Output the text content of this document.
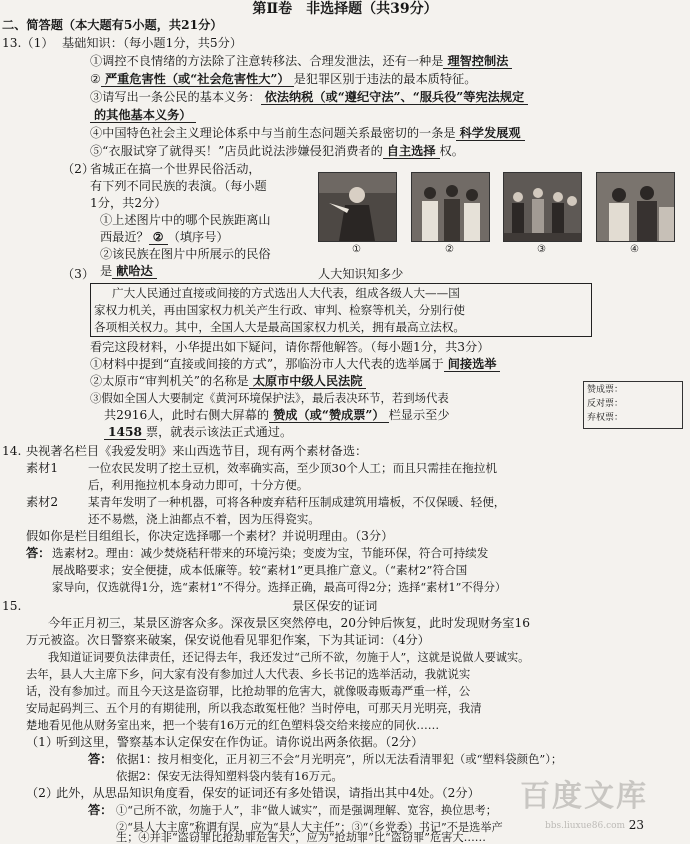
第Ⅱ卷　非选择题（共39分）
二、简答题（本大题有5小题，共21分）
13.（1） 基础知识：（每小题1分，共5分）
①调控不良情绪的方法除了注意转移法、合理发泄法，还有一种是 理智控制法
② 严重危害性（或“社会危害性大”） 是犯罪区别于违法的最本质特征。
③请写出一条公民的基本义务： 依法纳税（或“遵纪守法”、“服兵役”等宪法规定
的其他基本义务）
④中国特色社会主义理论体系中与当前生态问题关系最密切的一条是 科学发展观
⑤“衣服试穿了就得买！”店员此说法涉嫌侵犯消费者的 自主选择 权。
（2）
省城正在搞一个世界民俗活动，
有下列不同民族的表演。（每小题
1分，共2分）
①上述图片中的哪个民族距离山
西最近？ ② （填序号）
②该民族在图片中所展示的民俗
是 献哈达
①	②	③	④
（3）	人大知识知多少
广大人民通过直接或间接的方式选出人大代表，组成各级人大——国
家权力机关，再由国家权力机关产生行政、审判、检察等机关，分别行使
各项相关权力。其中，全国人大是最高国家权力机关，拥有最高立法权。
看完这段材料，小华提出如下疑问，请你帮他解答。（每小题1分，共3分）
①材料中提到“直接或间接的方式”，那临汾市人大代表的选举属于 间接选举
②太原市“审判机关”的名称是 太原市中级人民法院
③假如全国人大要制定《黄河环境保护法》，最后表决环节，若到场代表
共2916人，此时右侧大屏幕的 赞成（或“赞成票”） 栏显示至少
1458 票，就表示该法正式通过。
赞成票：
反对票：
弃权票：
14. 央视著名栏目《我爱发明》来山西选节目，现有两个素材备选：
素材1	一位农民发明了挖土豆机，效率确实高，至少顶30个人工；而且只需挂在拖拉机
后，利用拖拉机本身动力即可，十分方便。
素材2	某青年发明了一种机器，可将各种废弃秸秆压制成建筑用墙板，不仅保暖、轻便，
还不易燃，浇上油都点不着，因为压得瓷实。
假如你是栏目组组长，你决定选择哪一个素材？并说明理由。（3分）
答： 选素材2。理由：减少焚烧秸秆带来的环境污染；变废为宝，节能环保，符合可持续发
展战略要求；安全便捷，成本低廉等。较“素材1”更具推广意义。（“素材2”符合国
家导向，仅选就得1分，选“素材1”不得分。选择正确，最高可得2分；选择“素材1”不得分）
15.	景区保安的证词
今年正月初三，某景区游客众多。深夜景区突然停电，20分钟后恢复，此时发现财务室16
万元被盗。次日警察来破案，保安说他看见罪犯作案，下为其证词：（4分）
我知道证词要负法律责任，还记得去年，我还发过“己所不欲，勿施于人”，这就是说做人要诚实。
去年，县人大主席下乡，问大家有没有参加过人大代表、乡长书记的选举活动，我就说实
话，没有参加过。而且今天这是盗窃罪，比抢劫罪的危害大，就像吸毒贩毒严重一样，公
安局起码判三、五个月的有期徒刑，所以我态敢冤枉他？当时停电，可那天月光明亮，我清
楚地看见他从财务室出来，把一个装有16万元的红色塑料袋交给来接应的同伙……
（1）
听到这里，警察基本认定保安在作伪证。请你说出两条依据。（2分）
答： 依据1：按月相变化，正月初三不会“月光明亮”，所以无法看清罪犯（或“塑料袋颜色”）；
依据2：保安无法得知塑料袋内装有16万元。
（2）
此外，从思品知识角度看，保安的证词还有多处错误，请指出其中4处。（2分）
答： ①“己所不欲，勿施于人”，非“做人诚实”，而是强调理解、宽容，换位思考；
②“县人大主席”称谓有误，应为“县人大主任”；③“（乡党委）书记”不是选举产
生；④并非“盗窃罪比抢劫罪危害大”，应为“抢劫罪”比“盗窃罪”危害大……
百度文库
bbs.liuxue86.com 23
